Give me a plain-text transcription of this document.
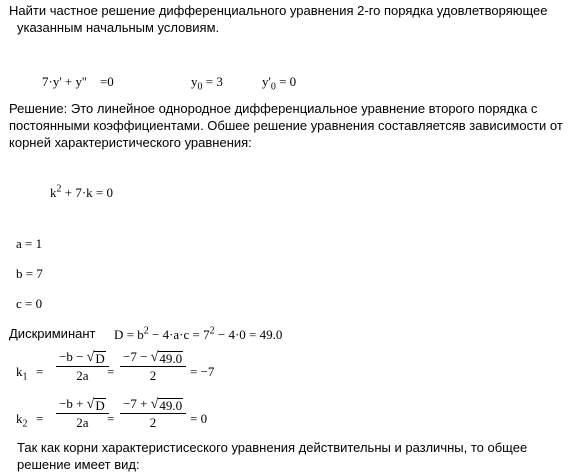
Найти частное решение дифференциального уравнения 2-го порядка удовлетворяющее
указанным начальным условиям.
7·y' + y'' =0	$y_0 = 3$	$y'_0 = 0$
Решение: Это линейное однородное дифференциальное уравнение второго порядка с
постоянными коэффициентами. Обшее решение уравнения составляетсяв зависимости от
корней характеристического уравнения:
$k^2 + 7\cdot k = 0$
a = 1
b = 7
c = 0
Дискриминант $D = b^2 - 4\cdot a\cdot c = 7^2 - 4\cdot 0 = 49.0$
$k_1 = \frac{-b - √ D}{2a}$
= $\frac{-7 - √ 49.0}{2} = -7$
$k_2 = \frac{-b + √ D}{2a}$
= $\frac{-7 + √ 49.0}{2} = 0$
Так как корни характеристисеского уравнения действительны и различны, то общее
решение имеет вид:
